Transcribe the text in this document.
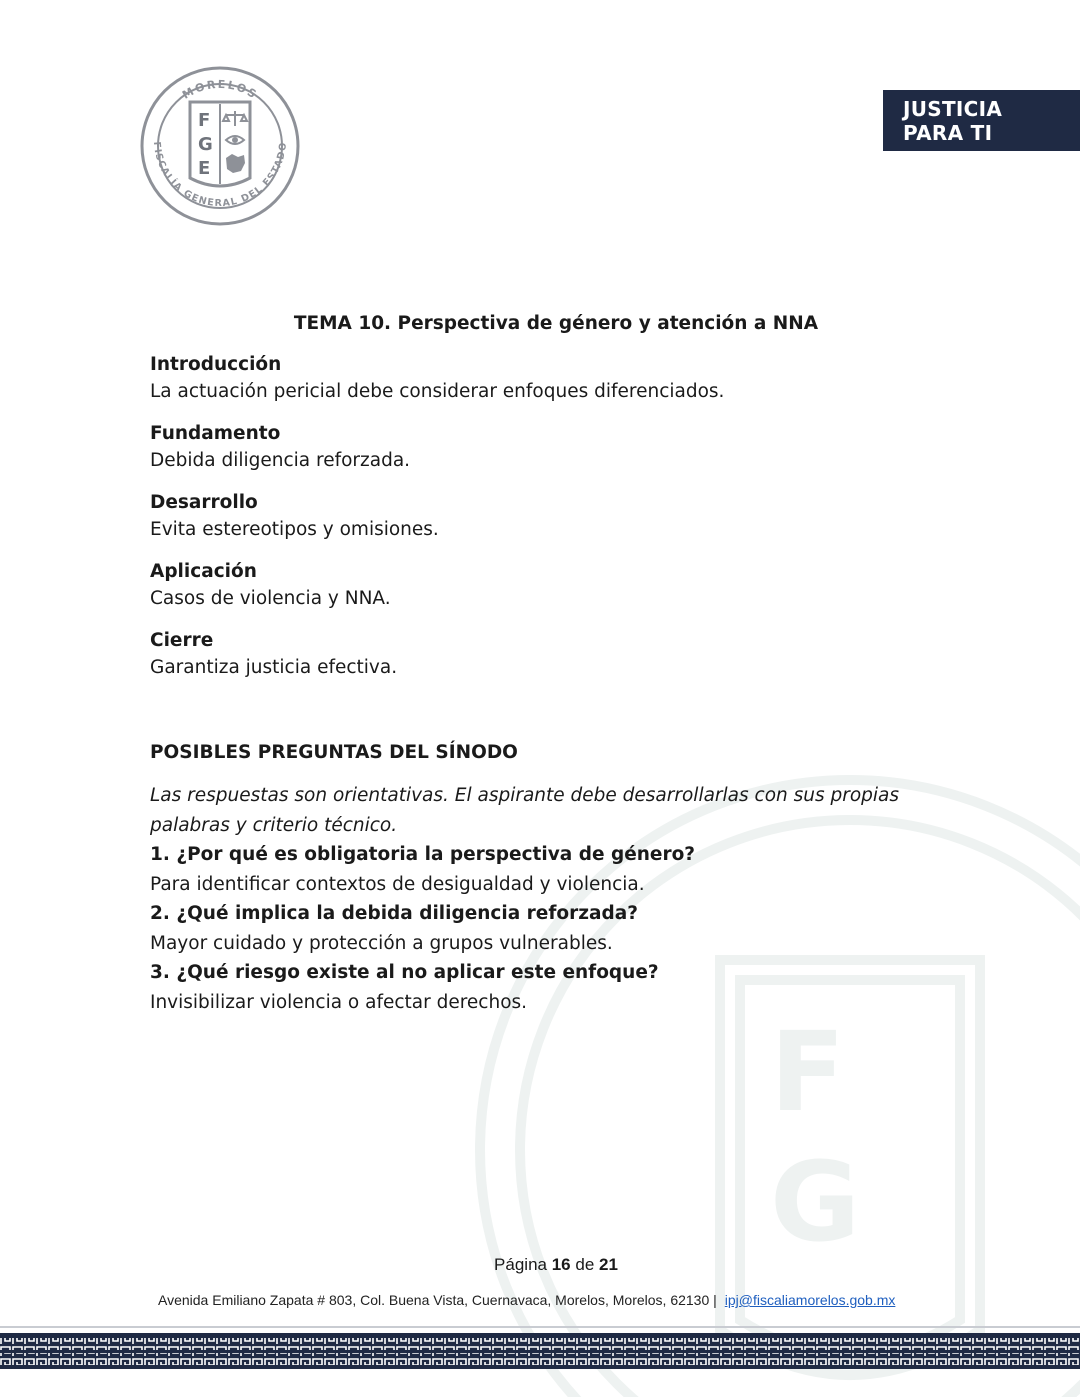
F
G
MORELOS
FISCALÍA GENERAL DEL ESTADO
F
G
E
JUSTICIA
PARA TI
TEMA 10. Perspectiva de género y atención a NNA
Introducción
La actuación pericial debe considerar enfoques diferenciados.
Fundamento
Debida diligencia reforzada.
Desarrollo
Evita estereotipos y omisiones.
Aplicación
Casos de violencia y NNA.
Cierre
Garantiza justicia efectiva.
POSIBLES PREGUNTAS DEL SÍNODO
Las respuestas son orientativas. El aspirante debe desarrollarlas con sus propias palabras y criterio técnico.
1. ¿Por qué es obligatoria la perspectiva de género?
Para identificar contextos de desigualdad y violencia.
2. ¿Qué implica la debida diligencia reforzada?
Mayor cuidado y protección a grupos vulnerables.
3. ¿Qué riesgo existe al no aplicar este enfoque?
Invisibilizar violencia o afectar derechos.
Página 16 de 21
Avenida Emiliano Zapata # 803, Col. Buena Vista, Cuernavaca, Morelos, Morelos, 62130 | ipj@fiscaliamorelos.gob.mx
